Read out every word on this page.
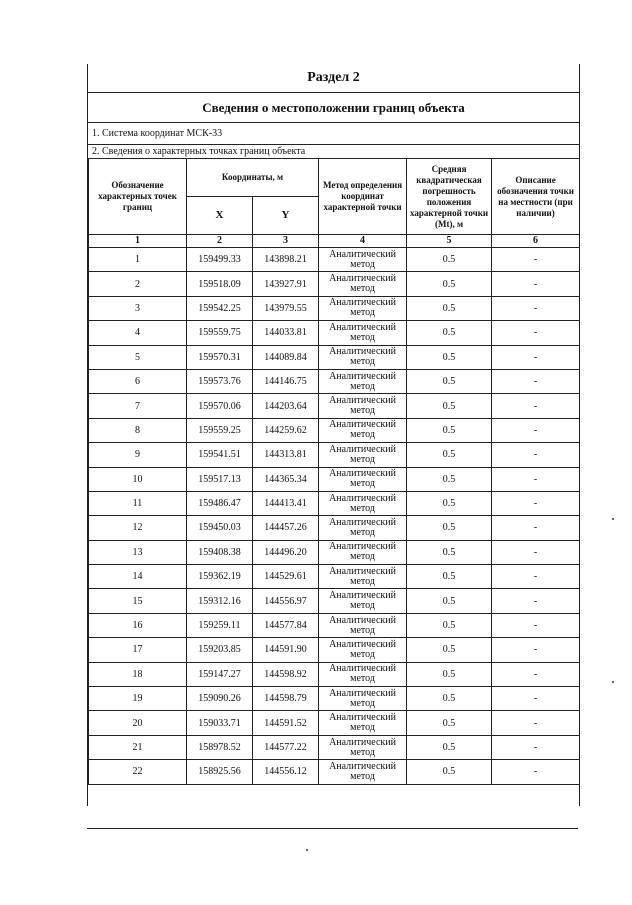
Раздел 2
Сведения о местоположении границ объекта
1. Система координат МСК-33
2. Сведения о характерных точках границ объекта
Обозначение характерных точек границ	Координаты, м		Метод определения координат характерной точки	Средняя квадратическая погрешность положения характерной точки (Mt), м	Описание обозначения точки на местности (при наличии)
	X	Y			
1	2	3	4	5	6
1	159499.33	143898.21	Аналитический метод	0.5	-
2	159518.09	143927.91	Аналитический метод	0.5	-
3	159542.25	143979.55	Аналитический метод	0.5	-
4	159559.75	144033.81	Аналитический метод	0.5	-
5	159570.31	144089.84	Аналитический метод	0.5	-
6	159573.76	144146.75	Аналитический метод	0.5	-
7	159570.06	144203.64	Аналитический метод	0.5	-
8	159559.25	144259.62	Аналитический метод	0.5	-
9	159541.51	144313.81	Аналитический метод	0.5	-
10	159517.13	144365.34	Аналитический метод	0.5	-
11	159486.47	144413.41	Аналитический метод	0.5	-
12	159450.03	144457.26	Аналитический метод	0.5	-
13	159408.38	144496.20	Аналитический метод	0.5	-
14	159362.19	144529.61	Аналитический метод	0.5	-
15	159312.16	144556.97	Аналитический метод	0.5	-
16	159259.11	144577.84	Аналитический метод	0.5	-
17	159203.85	144591.90	Аналитический метод	0.5	-
18	159147.27	144598.92	Аналитический метод	0.5	-
19	159090.26	144598.79	Аналитический метод	0.5	-
20	159033.71	144591.52	Аналитический метод	0.5	-
21	158978.52	144577.22	Аналитический метод	0.5	-
22	158925.56	144556.12	Аналитический метод	0.5	-
